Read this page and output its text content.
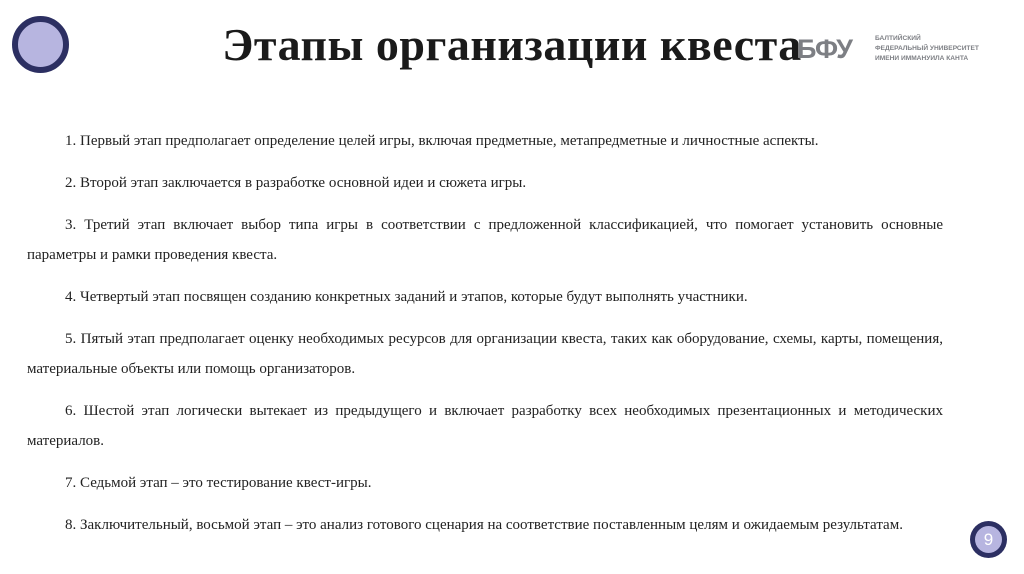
Этапы организации квеста
БФУ	БАЛТИЙСКИЙ
ФЕДЕРАЛЬНЫЙ УНИВЕРСИТЕТ
ИМЕНИ ИММАНУИЛА КАНТА

1. Первый этап предполагает определение целей игры, включая предметные, метапредметные и личностные аспекты.

2. Второй этап заключается в разработке основной идеи и сюжета игры.

3. Третий этап включает выбор типа игры в соответствии с предложенной классификацией, что помогает установить основные параметры и рамки проведения квеста.

4. Четвертый этап посвящен созданию конкретных заданий и этапов, которые будут выполнять участники.

5. Пятый этап предполагает оценку необходимых ресурсов для организации квеста, таких как оборудование, схемы, карты, помещения, материальные объекты или помощь организаторов.

6. Шестой этап логически вытекает из предыдущего и включает разработку всех необходимых презентационных и методических материалов.

7. Седьмой этап – это тестирование квест-игры.

8. Заключительный, восьмой этап – это анализ готового сценария на соответствие поставленным целям и ожидаемым результатам.

9
